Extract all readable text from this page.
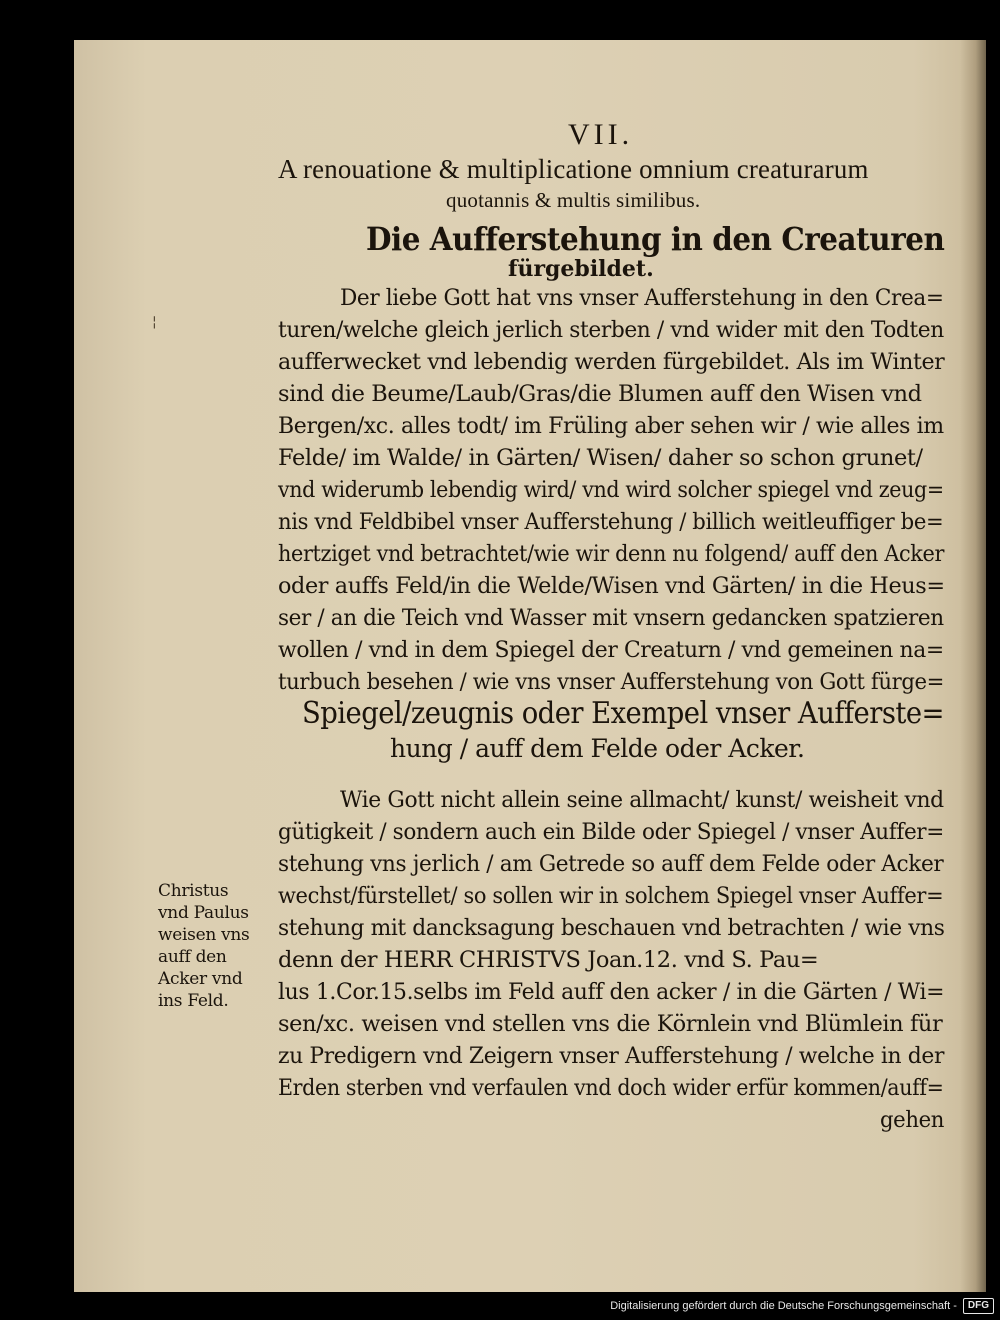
VII.
A renouatione & multiplicatione omnium creaturarum
quotannis & multis similibus.
Die Aufferstehung in den Creaturen
fürgebildet.
¦
Der liebe Gott hat vns vnser Aufferstehung in den Crea=
turen/welche gleich jerlich sterben / vnd wider mit den Todten
aufferwecket vnd lebendig werden fürgebildet. Als im Winter
sind die Beume/Laub/Gras/die Blumen auff den Wisen vnd
Bergen/xc. alles todt/ im Früling aber sehen wir / wie alles im
Felde/ im Walde/ in Gärten/ Wisen/ daher so schon grunet/
vnd widerumb lebendig wird/ vnd wird solcher spiegel vnd zeug=
nis vnd Feldbibel vnser Aufferstehung / billich weitleuffiger be=
hertziget vnd betrachtet/wie wir denn nu folgend/ auff den Acker
oder auffs Feld/in die Welde/Wisen vnd Gärten/ in die Heus=
ser / an die Teich vnd Wasser mit vnsern gedancken spatzieren
wollen / vnd in dem Spiegel der Creaturn / vnd gemeinen na=
turbuch besehen / wie vns vnser Aufferstehung von Gott fürge=
Spiegel/zeugnis oder Exempel vnser Aufferste=
hung / auff dem Felde oder Acker.
Wie Gott nicht allein seine allmacht/ kunst/ weisheit vnd
gütigkeit / sondern auch ein Bilde oder Spiegel / vnser Auffer=
stehung vns jerlich / am Getrede so auff dem Felde oder Acker
wechst/fürstellet/ so sollen wir in solchem Spiegel vnser Auffer=
stehung mit dancksagung beschauen vnd betrachten / wie vns
denn der HERR CHRISTVS Joan.12. vnd S. Pau=
lus 1.Cor.15.selbs im Feld auff den acker / in die Gärten / Wi=
sen/xc. weisen vnd stellen vns die Körnlein vnd Blümlein für
zu Predigern vnd Zeigern vnser Aufferstehung / welche in der
Erden sterben vnd verfaulen vnd doch wider erfür kommen/auff=
gehen
Christus
vnd Paulus
weisen vns
auff den
Acker vnd
ins Feld.
Digitalisierung gefördert durch die Deutsche Forschungsgemeinschaft -	DFG
